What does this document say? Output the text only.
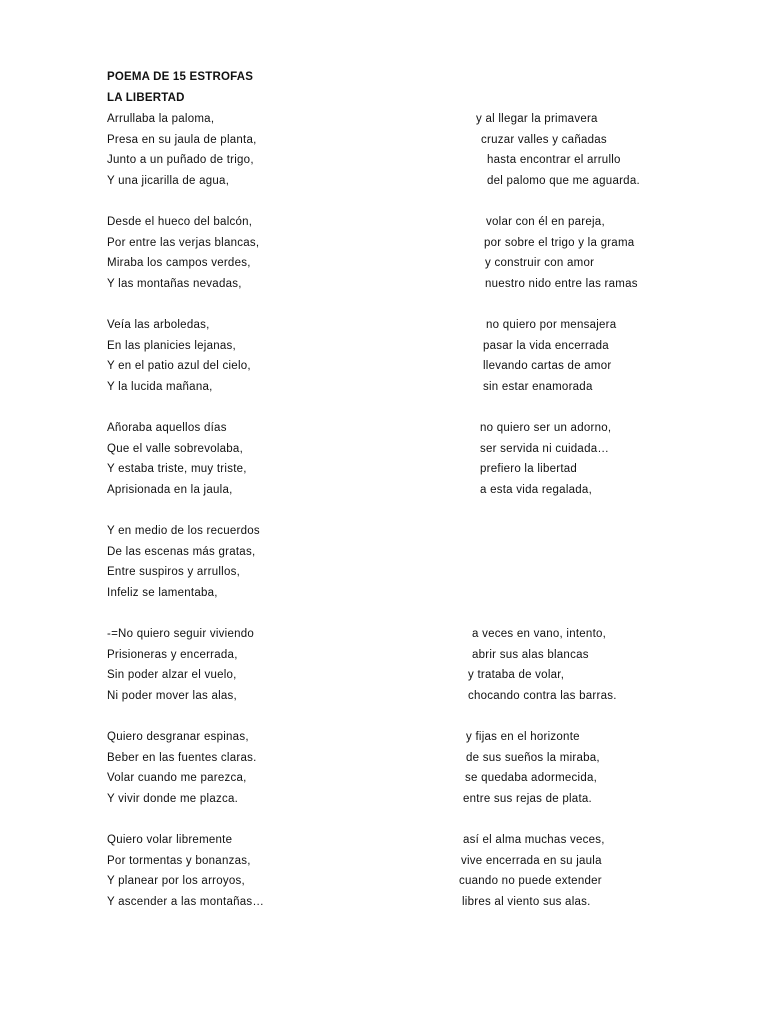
POEMA DE 15 ESTROFAS
LA LIBERTAD
Arrullaba la paloma,
Presa en su jaula de planta,
Junto a un puñado de trigo,
Y una jicarilla de agua,
y al llegar la primavera
cruzar valles y cañadas
hasta encontrar el arrullo
del palomo que me aguarda.
Desde el hueco del balcón,
Por entre las verjas blancas,
Miraba los campos verdes,
Y las montañas nevadas,
volar con él en pareja,
por sobre el trigo y la grama
y construir con amor
nuestro nido entre las ramas
Veía las arboledas,
En las planicies lejanas,
Y en el patio azul del cielo,
Y la lucida mañana,
no quiero por mensajera
pasar la vida encerrada
llevando cartas de amor
sin estar enamorada
Añoraba aquellos días
Que el valle sobrevolaba,
Y estaba triste, muy triste,
Aprisionada en la jaula,
no quiero ser un adorno,
ser servida ni cuidada…
prefiero la libertad
a esta vida regalada,
Y en medio de los recuerdos
De las escenas más gratas,
Entre suspiros y arrullos,
Infeliz se lamentaba,
-=No quiero seguir viviendo
Prisioneras y encerrada,
Sin poder alzar el vuelo,
Ni poder mover las alas,
a veces en vano, intento,
abrir sus alas blancas
y trataba de volar,
chocando contra las barras.
Quiero desgranar espinas,
Beber en las fuentes claras.
Volar cuando me parezca,
Y vivir donde me plazca.
y fijas en el horizonte
de sus sueños la miraba,
se quedaba adormecida,
entre sus rejas de plata.
Quiero volar libremente
Por tormentas y bonanzas,
Y planear por los arroyos,
Y ascender a las montañas…
así el alma muchas veces,
vive encerrada en su jaula
cuando no puede extender
libres al viento sus alas.
